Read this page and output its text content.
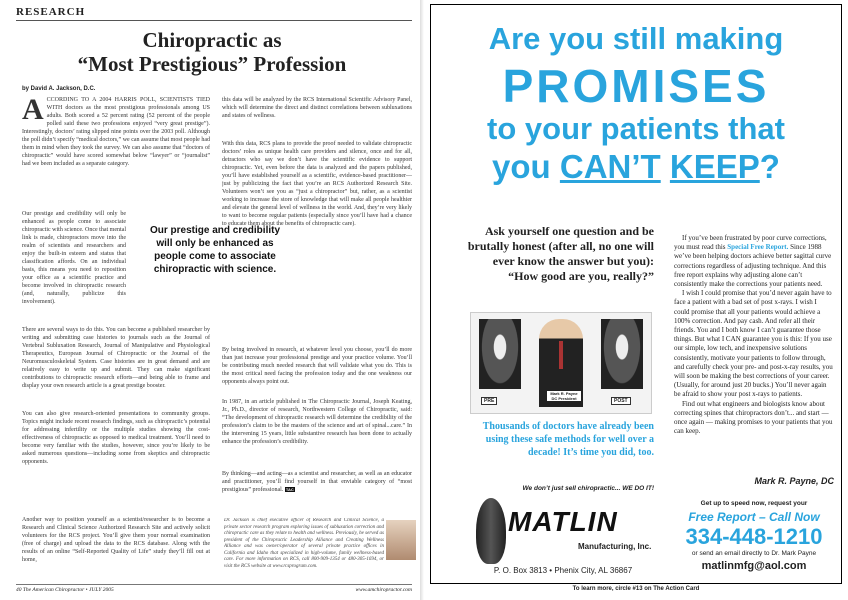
RESEARCH
Chiropractic as
“Most Prestigious” Profession
by David A. Jackson, D.C.

ACCORDING TO A 2004 HARRIS POLL, SCIENTISTS TIED WITH doctors as the most prestigious professionals among US adults. Both scored a 52 percent rating (52 percent of the people polled said these two professions enjoyed “very great prestige”). Interestingly, doctors’ rating slipped nine points over the 2003 poll. Although the poll didn’t specify “medical doctors,” we can assume that most people had them in mind when they took the survey. We can also assume that “doctors of chiropractic” would have scored somewhat below “lawyer” or “journalist” had we been included as a separate category.

Our prestige and credibility will only be enhanced as people come to associate chiropractic with science. Once that mental link is made, chiropractors move into the realm of scientists and researchers and enjoy the built-in esteem and status that classification affords. On an individual basis, this means you need to reposition your office as a scientific practice and become involved in chiropractic research (and, naturally, publicize this involvement).

Our prestige and credibility will only be enhanced as people come to associate chiropractic with science.

There are several ways to do this. You can become a published researcher by writing and submitting case histories to journals such as the Journal of Vertebral Subluxation Research, Journal of Manipulative and Physiological Therapeutics, European Journal of Chiropractic or the Journal of the Neuromusculoskeletal System. Case histories are in great demand and are relatively easy to write up and submit. They can make significant contributions to chiropractic research efforts—and being able to frame and display your own research article is a great prestige booster.

You can also give research-oriented presentations to community groups. Topics might include recent research findings, such as chiropractic’s potential for addressing infertility or the multiple studies showing the cost-effectiveness of chiropractic as opposed to medical treatment. You’ll need to become very familiar with the studies, however, since you’re likely to be asked numerous questions—including some from skeptics and chiropractic opponents.

Another way to position yourself as a scientist/researcher is to become a Research and Clinical Science Authorized Research Site and actively solicit volunteers for the RCS project. You’ll give them your normal examination (free of charge) and upload the data to the RCS database. Along with the results of an online “Self-Reported Quality of Life” study they’ll fill out at home,

this data will be analyzed by the RCS International Scientific Advisory Panel, which will determine the direct and distinct correlations between subluxations and states of wellness.

With this data, RCS plans to provide the proof needed to validate chiropractic doctors’ roles as unique health care providers and silence, once and for all, detractors who say we don’t have the scientific evidence to support chiropractic. Yet, even before the data is analyzed and the papers published, you’ll have established yourself as a scientific, evidence-based practitioner—just by publicizing the fact that you’re an RCS Authorized Research Site. Volunteers won’t see you as “just a chiropractor” but, rather, as a scientist working to increase the store of knowledge that will make all people healthier and elevate the general level of wellness in the world. And, they’re very likely to want to become regular patients (especially since you’ll have had a chance to educate them about the benefits of chiropractic care).

By being involved in research, at whatever level you choose, you’ll do more than just increase your professional prestige and your practice volume. You’ll be contributing much needed research that will validate what you do. This is the most critical need facing the profession today and the one weakness our opponents always point out.

In 1987, in an article published in The Chiropractic Journal, Joseph Keating, Jr., Ph.D., director of research, Northwestern College of Chiropractic, said: “The development of chiropractic research will determine the credibility of the profession’s claim to be the masters of the science and art of spinal...care.” In the intervening 15 years, little substantive research has been done to actually enhance the profession’s credibility.

By thinking—and acting—as a scientist and researcher, as well as an educator and practitioner, you’ll find yourself in that enviable category of “most prestigious” professional. TAC

Dr. Jackson is chief executive officer of Research and Clinical Science, a private sector research program exploring issues of subluxation correction and chiropractic care as they relate to health and wellness. Previously, he served as president of the Chiropractic Leadership Alliance and Creating Wellness Alliance and was owner/operator of several private practice offices in California and Idaho that specialized in high-volume, family wellness-based care. For more information on RCS, call 800-909-1354 or 480-305-1694, or visit the RCS website at www.rcsprogram.com.
www.amchiropractor.com
40 The American Chiropractor • JULY 2005
Are you still making
PROMISES
to your patients that
you CAN’T KEEP?
Ask yourself one question and be brutally honest (after all, no one will ever know the answer but you):
“How good are you, really?”
PRE	POST
Mark R. Payne DC President
Thousands of doctors have already been using these safe methods for well over a decade! It’s time you did, too.
We don’t just sell chiropractic... WE DO IT!
MATLIN
Manufacturing, Inc.
P. O. Box 3813 • Phenix City, AL 36867

If you’ve been frustrated by poor curve corrections, you must read this Special Free Report. Since 1988 we’ve been helping doctors achieve better sagittal curve corrections regardless of adjusting technique. And this free report explains why adjusting alone can’t consistently make the corrections your patients need.

I wish I could promise that you’d never again have to face a patient with a bad set of post x-rays. I wish I could promise that all your patients would achieve a 100% correction. And pay cash. And refer all their friends. You and I both know I can’t guarantee those things. But what I CAN guarantee you is this: If you use our simple, low tech, and inexpensive solutions consistently, motivate your patients to follow through, and carefully check your pre- and post-x-ray results, you will soon be making the best corrections of your career. (Usually, for around just 20 bucks.) You’ll never again be afraid to show your post x-rays to patients.

Find out what engineers and biologists know about correcting spines that chiropractors don’t... and start — once again — making promises to your patients that you can keep.

Mark R. Payne, DC
Get up to speed now, request your
Free Report – Call Now
334-448-1210
or send an email directly to Dr. Mark Payne
matlinmfg@aol.com
To learn more, circle #13 on The Action Card
